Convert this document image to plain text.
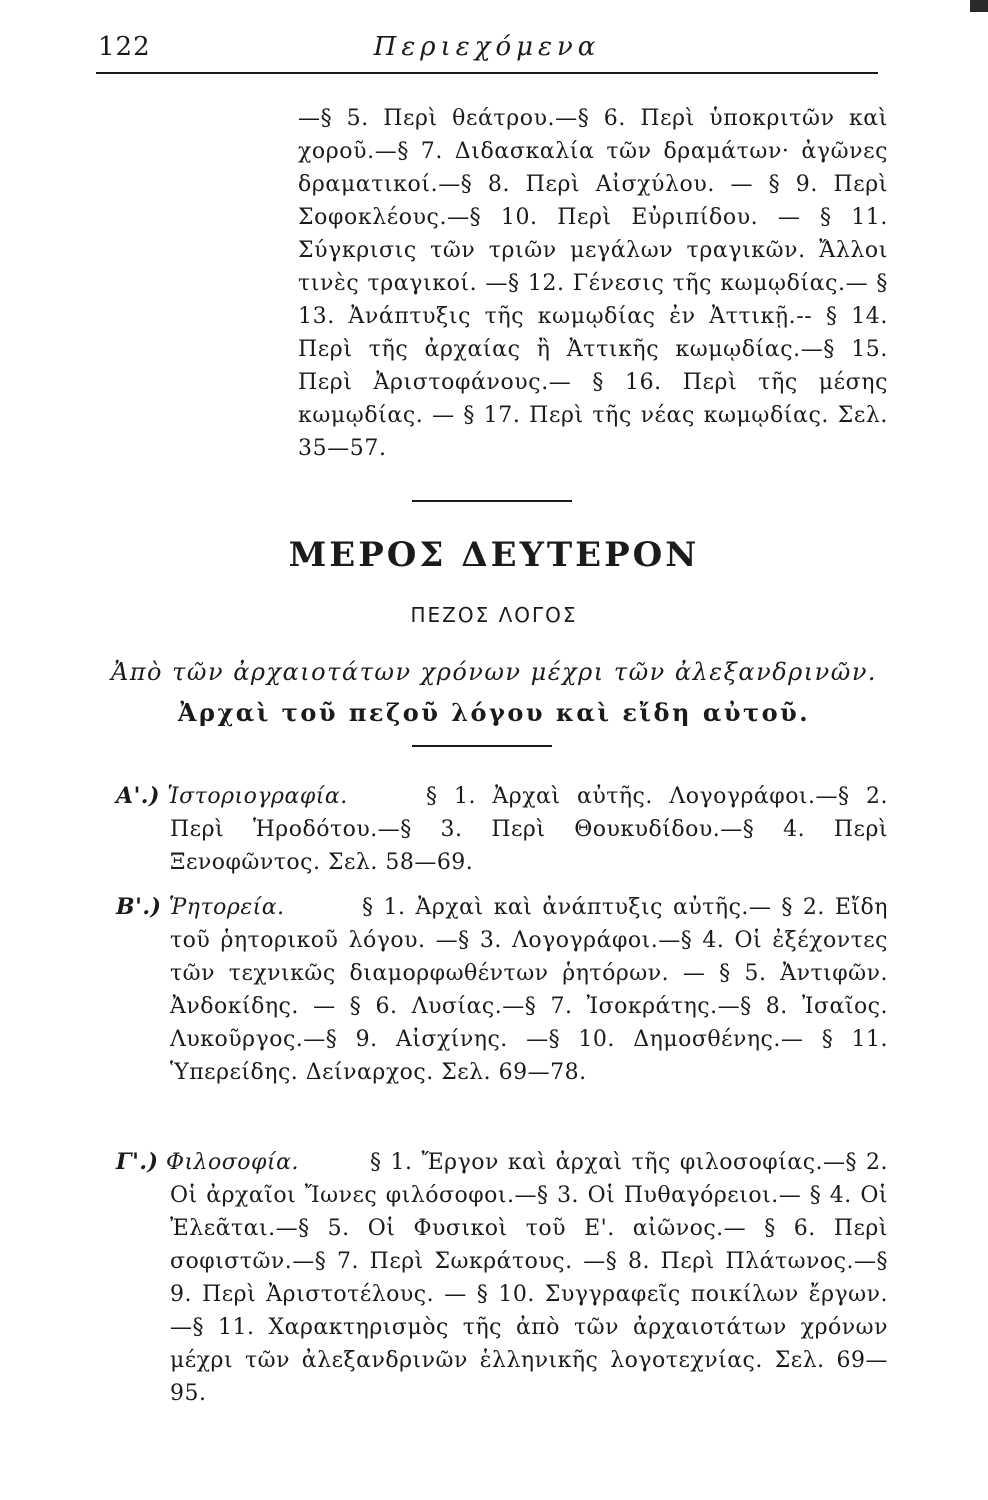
122	Περιεχόμενα

—§ 5. Περὶ θεάτρου.—§ 6. Περὶ ὑποκριτῶν καὶ χοροῦ.—§ 7. Διδασκαλία τῶν δραμάτων· ἀγῶνες δραματικοί.—§ 8. Περὶ Αἰσχύλου. — § 9. Περὶ Σοφοκλέους.—§ 10. Περὶ Εὐριπίδου. — § 11. Σύγκρισις τῶν τριῶν μεγάλων τραγικῶν. Ἄλλοι τινὲς τραγικοί. —§ 12. Γένεσις τῆς κωμῳδίας.— § 13. Ἀνάπτυξις τῆς κωμῳδίας ἐν Ἀττικῇ.-- § 14. Περὶ τῆς ἀρχαίας ἢ Ἀττικῆς κωμῳδίας.—§ 15. Περὶ Ἀριστοφάνους.— § 16. Περὶ τῆς μέσης κωμῳδίας. — § 17. Περὶ τῆς νέας κωμῳδίας. Σελ. 35—57.

ΜΕΡΟΣ ΔΕΥΤΕΡΟΝ
ΠΕΖΟΣ ΛΟΓΟΣ
Ἀπὸ τῶν ἀρχαιοτάτων χρόνων μέχρι τῶν ἀλεξανδρινῶν.
Ἀρχαὶ τοῦ πεζοῦ λόγου καὶ εἴδη αὐτοῦ.
Α'.) Ἱστοριογραφία.	§ 1. Ἀρχαὶ αὐτῆς. Λογογράφοι.—§ 2. Περὶ Ἡροδότου.—§ 3. Περὶ Θουκυδίδου.—§ 4. Περὶ Ξενοφῶντος. Σελ. 58—69.

Β'.) Ῥητορεία.	§ 1. Ἀρχαὶ καὶ ἀνάπτυξις αὐτῆς.— § 2. Εἴδη τοῦ ῥητορικοῦ λόγου. —§ 3. Λογογράφοι.—§ 4. Οἱ ἐξέχοντες τῶν τεχνικῶς διαμορφωθέντων ῥητόρων. — § 5. Ἀντιφῶν. Ἀνδοκίδης. — § 6. Λυσίας.—§ 7. Ἰσοκράτης.—§ 8. Ἰσαῖος. Λυκοῦργος.—§ 9. Αἰσχίνης. —§ 10. Δημοσθένης.— § 11. Ὑπερείδης. Δείναρχος. Σελ. 69—78.

Γ'.) Φιλοσοφία.	§ 1. Ἔργον καὶ ἀρχαὶ τῆς φιλοσοφίας.—§ 2. Οἱ ἀρχαῖοι Ἴωνες φιλόσοφοι.—§ 3. Οἱ Πυθαγόρειοι.— § 4. Οἱ Ἐλεᾶται.—§ 5. Οἱ Φυσικοὶ τοῦ Ε'. αἰῶνος.— § 6. Περὶ σοφιστῶν.—§ 7. Περὶ Σωκράτους. —§ 8. Περὶ Πλάτωνος.—§ 9. Περὶ Ἀριστοτέλους. — § 10. Συγγραφεῖς ποικίλων ἔργων.—§ 11. Χαρακτηρισμὸς τῆς ἀπὸ τῶν ἀρχαιοτάτων χρόνων μέχρι τῶν ἀλεξανδρινῶν ἑλληνικῆς λογοτεχνίας. Σελ. 69—95.
